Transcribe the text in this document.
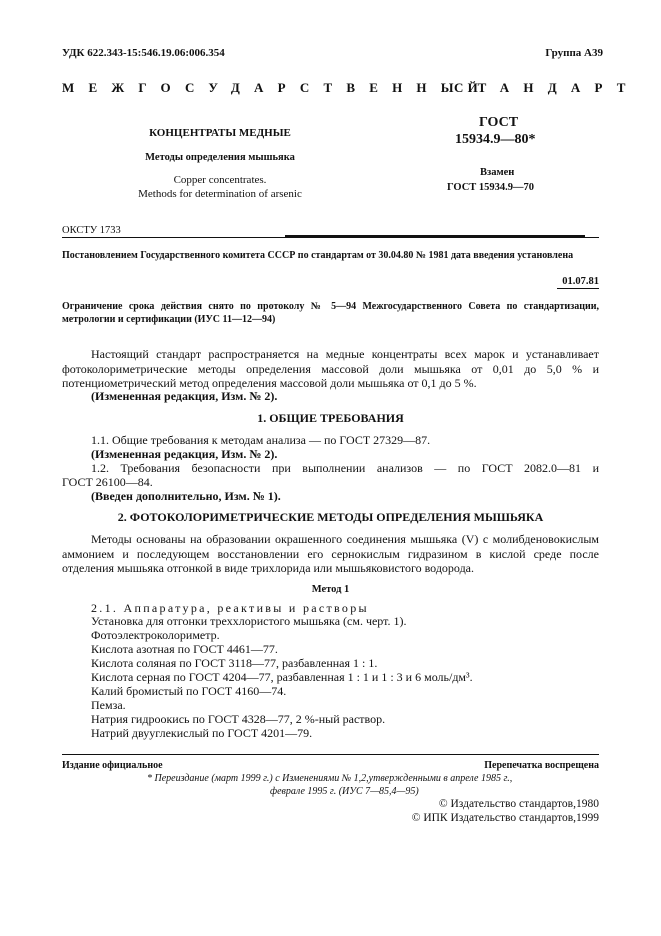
УДК 622.343-15:546.19.06:006.354	Группа А39
МЕЖГОСУДАРСТВЕННЫЙ
СТАНДАРТ
КОНЦЕНТРАТЫ МЕДНЫЕ
Методы определения мышьяка
Copper concentrates.
Methods for determination of arsenic
ГОСТ
15934.9—80*
Взамен
ГОСТ 15934.9—70
ОКСТУ 1733
Постановлением Государственного комитета СССР по стандартам от 30.04.80 № 1981 дата введения установлена
01.07.81
Ограничение срока действия снято по протоколу № 5—94 Межгосударственного Совета по стандартизации, метрологии и сертификации (ИУС 11—12—94)
Настоящий стандарт распространяется на медные концентраты всех марок и устанавливает фотоколориметрические методы определения массовой доли мышьяка от 0,01 до 5,0 % и потенциометрический метод определения массовой доли мышьяка от 0,1 до 5 %.
(Измененная редакция, Изм. № 2).
1. ОБЩИЕ ТРЕБОВАНИЯ
1.1. Общие требования к методам анализа — по ГОСТ 27329—87.
(Измененная редакция, Изм. № 2).
1.2. Требования безопасности при выполнении анализов — по ГОСТ 2082.0—81 и
ГОСТ 26100—84.
(Введен дополнительно, Изм. № 1).
2. ФОТОКОЛОРИМЕТРИЧЕСКИЕ МЕТОДЫ ОПРЕДЕЛЕНИЯ МЫШЬЯКА
Методы основаны на образовании окрашенного соединения мышьяка (V) с молибденовокислым аммонием и последующем восстановлении его сернокислым гидразином в кислой среде после отделения мышьяка отгонкой в виде трихлорида или мышьяковистого водорода.
Метод 1
2.1. Аппаратура, реактивы и растворы
Установка для отгонки треххлористого мышьяка (см. черт. 1).
Фотоэлектроколориметр.
Кислота азотная по ГОСТ 4461—77.
Кислота соляная по ГОСТ 3118—77, разбавленная 1 : 1.
Кислота серная по ГОСТ 4204—77, разбавленная 1 : 1 и 1 : 3 и 6 моль/дм³.
Калий бромистый по ГОСТ 4160—74.
Пемза.
Натрия гидроокись по ГОСТ 4328—77, 2 %-ный раствор.
Натрий двууглекислый по ГОСТ 4201—79.
Издание официальное	Перепечатка воспрещена
* Переиздание (март 1999 г.) с Изменениями № 1,2,утвержденными в апреле 1985 г.,
феврале 1995 г. (ИУС 7—85,4—95)
© Издательство стандартов,1980
© ИПК Издательство стандартов,1999
